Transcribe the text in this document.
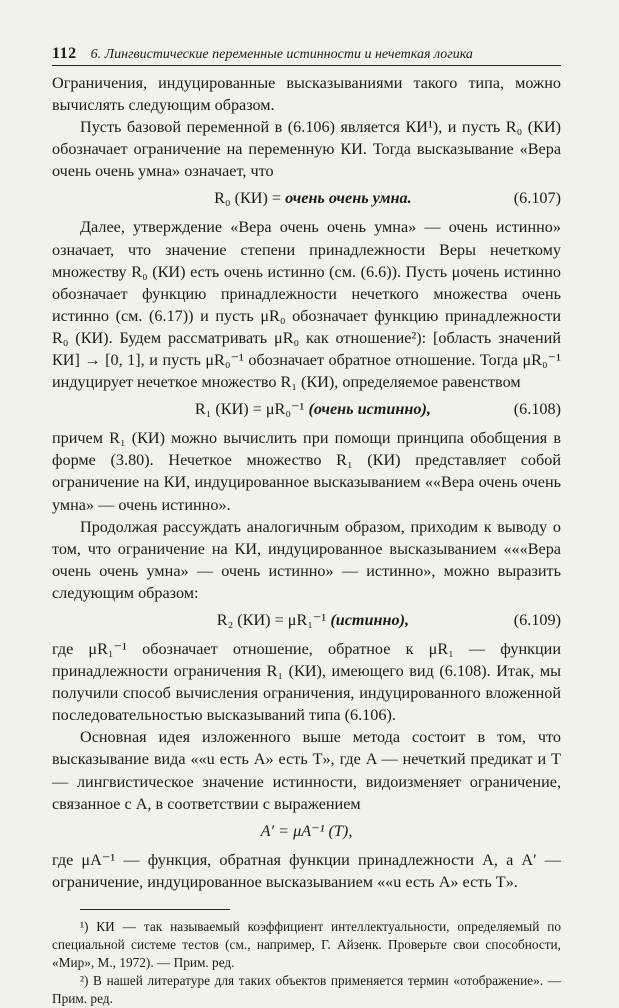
112 6. Лингвистические переменные истинности и нечеткая логика

Ограничения, индуцированные высказываниями такого типа, можно вычислять следующим образом.

Пусть базовой переменной в (6.106) является КИ¹), и пусть R₀ (КИ) обозначает ограничение на переменную КИ. Тогда высказывание «Вера очень очень умна» означает, что

R₀ (КИ) = очень очень умна.	(6.107)

Далее, утверждение «Вера очень очень умна» — очень истинно» означает, что значение степени принадлежности Веры нечеткому множеству R₀ (КИ) есть очень истинно (см. (6.6)). Пусть μочень истинно обозначает функцию принадлежности нечеткого множества очень истинно (см. (6.17)) и пусть μR₀ обозначает функцию принадлежности R₀ (КИ). Будем рассматривать μR₀ как отношение²): [область значений КИ] → [0, 1], и пусть μR₀⁻¹ обозначает обратное отношение. Тогда μR₀⁻¹ индуцирует нечеткое множество R₁ (КИ), определяемое равенством

R₁ (КИ) = μR₀⁻¹ (очень истинно),	(6.108)

причем R₁ (КИ) можно вычислить при помощи принципа обобщения в форме (3.80). Нечеткое множество R₁ (КИ) представляет собой ограничение на КИ, индуцированное высказыванием ««Вера очень очень умна» — очень истинно».

Продолжая рассуждать аналогичным образом, приходим к выводу о том, что ограничение на КИ, индуцированное высказыванием «««Вера очень очень умна» — очень истинно» — истинно», можно выразить следующим образом:

R₂ (КИ) = μR₁⁻¹ (истинно),	(6.109)

где μR₁⁻¹ обозначает отношение, обратное к μR₁ — функции принадлежности ограничения R₁ (КИ), имеющего вид (6.108). Итак, мы получили способ вычисления ограничения, индуцированного вложенной последовательностью высказываний типа (6.106).

Основная идея изложенного выше метода состоит в том, что высказывание вида ««u есть A» есть T», где A — нечеткий предикат и T — лингвистическое значение истинности, видоизменяет ограничение, связанное с A, в соответствии с выражением

A′ = μA⁻¹ (T),

где μA⁻¹ — функция, обратная функции принадлежности A, а A′ — ограничение, индуцированное высказыванием ««u есть A» есть T».

¹) КИ — так называемый коэффициент интеллектуальности, определяемый по специальной системе тестов (см., например, Г. Айзенк. Проверьте свои способности, «Мир», М., 1972). — Прим. ред.

²) В нашей литературе для таких объектов применяется термин «отображение». — Прим. ред.
